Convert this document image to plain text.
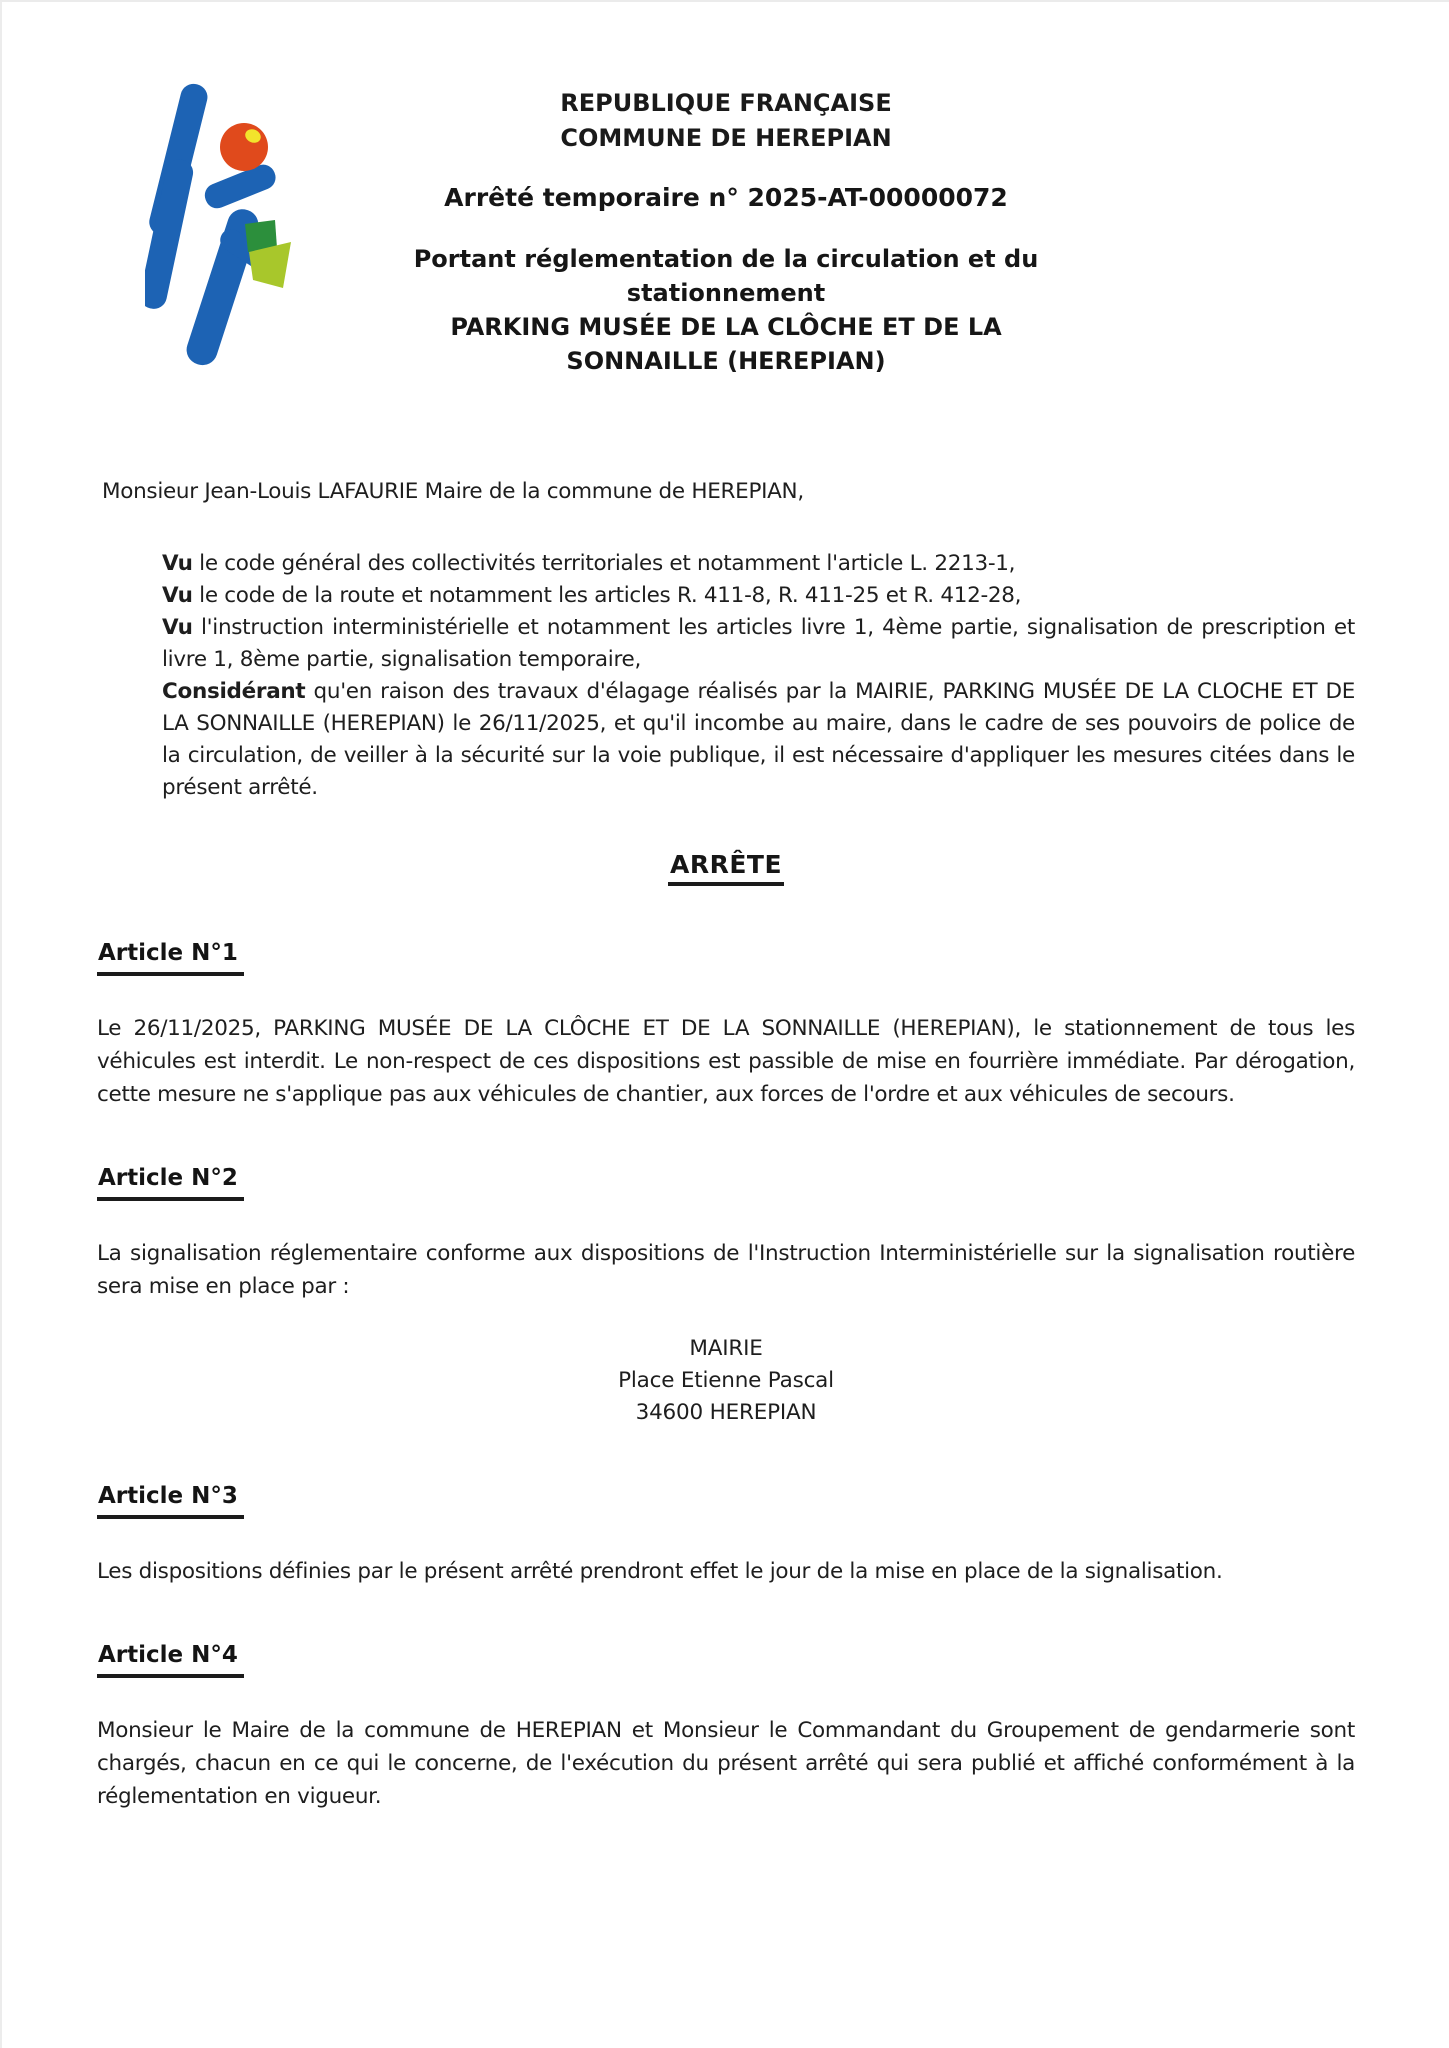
REPUBLIQUE FRANÇAISE
COMMUNE DE HEREPIAN
Arrêté temporaire n° 2025-AT-00000072
Portant réglementation de la circulation et du stationnement
PARKING MUSÉE DE LA CLÔCHE ET DE LA SONNAILLE (HEREPIAN)

Monsieur Jean-Louis LAFAURIE Maire de la commune de HEREPIAN,

Vu le code général des collectivités territoriales et notamment l'article L. 2213-1,

Vu le code de la route et notamment les articles R. 411-8, R. 411-25 et R. 412-28,

Vu l'instruction interministérielle et notamment les articles livre 1, 4ème partie, signalisation de prescription et livre 1, 8ème partie, signalisation temporaire,

Considérant qu'en raison des travaux d'élagage réalisés par la MAIRIE, PARKING MUSÉE DE LA CLOCHE ET DE LA SONNAILLE (HEREPIAN) le 26/11/2025, et qu'il incombe au maire, dans le cadre de ses pouvoirs de police de la circulation, de veiller à la sécurité sur la voie publique, il est nécessaire d'appliquer les mesures citées dans le présent arrêté.

ARRÊTE
Article N°1

Le 26/11/2025, PARKING MUSÉE DE LA CLÔCHE ET DE LA SONNAILLE (HEREPIAN), le stationnement de tous les véhicules est interdit. Le non-respect de ces dispositions est passible de mise en fourrière immédiate. Par dérogation, cette mesure ne s'applique pas aux véhicules de chantier, aux forces de l'ordre et aux véhicules de secours.

Article N°2

La signalisation réglementaire conforme aux dispositions de l'Instruction Interministérielle sur la signalisation routière sera mise en place par :

MAIRIE
Place Etienne Pascal
34600 HEREPIAN
Article N°3

Les dispositions définies par le présent arrêté prendront effet le jour de la mise en place de la signalisation.

Article N°4

Monsieur le Maire de la commune de HEREPIAN et Monsieur le Commandant du Groupement de gendarmerie sont chargés, chacun en ce qui le concerne, de l'exécution du présent arrêté qui sera publié et affiché conformément à la réglementation en vigueur.
